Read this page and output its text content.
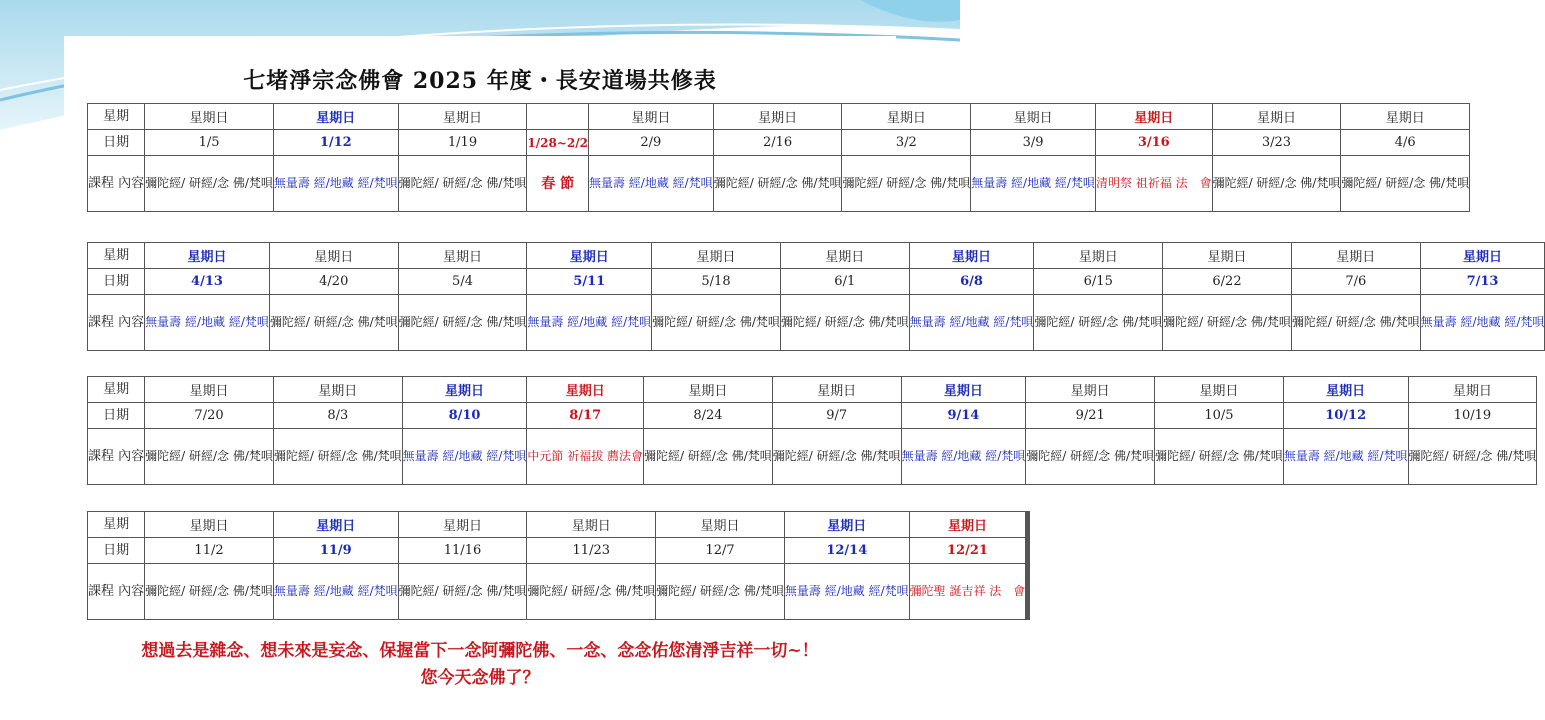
七堵淨宗念佛會 2025 年度・長安道場共修表
星期	星期日	星期日	星期日		星期日	星期日	星期日	星期日	星期日	星期日	星期日
日期	1/5	1/12	1/19	1/28~2/2	2/9	2/16	3/2	3/9	3/16	3/23	4/6
課程 內容	彌陀經/ 研經/念 佛/梵唄	無量壽 經/地藏 經/梵唄	彌陀經/ 研經/念 佛/梵唄	春 節	無量壽 經/地藏 經/梵唄	彌陀經/ 研經/念 佛/梵唄	彌陀經/ 研經/念 佛/梵唄	無量壽 經/地藏 經/梵唄	清明祭 祖祈福 法　會	彌陀經/ 研經/念 佛/梵唄	彌陀經/ 研經/念 佛/梵唄
星期	星期日	星期日	星期日	星期日	星期日	星期日	星期日	星期日	星期日	星期日	星期日
日期	4/13	4/20	5/4	5/11	5/18	6/1	6/8	6/15	6/22	7/6	7/13
課程 內容	無量壽 經/地藏 經/梵唄	彌陀經/ 研經/念 佛/梵唄	彌陀經/ 研經/念 佛/梵唄	無量壽 經/地藏 經/梵唄	彌陀經/ 研經/念 佛/梵唄	彌陀經/ 研經/念 佛/梵唄	無量壽 經/地藏 經/梵唄	彌陀經/ 研經/念 佛/梵唄	彌陀經/ 研經/念 佛/梵唄	彌陀經/ 研經/念 佛/梵唄	無量壽 經/地藏 經/梵唄
星期	星期日	星期日	星期日	星期日	星期日	星期日	星期日	星期日	星期日	星期日	星期日
日期	7/20	8/3	8/10	8/17	8/24	9/7	9/14	9/21	10/5	10/12	10/19
課程 內容	彌陀經/ 研經/念 佛/梵唄	彌陀經/ 研經/念 佛/梵唄	無量壽 經/地藏 經/梵唄	中元節 祈福拔 薦法會	彌陀經/ 研經/念 佛/梵唄	彌陀經/ 研經/念 佛/梵唄	無量壽 經/地藏 經/梵唄	彌陀經/ 研經/念 佛/梵唄	彌陀經/ 研經/念 佛/梵唄	無量壽 經/地藏 經/梵唄	彌陀經/ 研經/念 佛/梵唄
星期	星期日	星期日	星期日	星期日	星期日	星期日	星期日				
日期	11/2	11/9	11/16	11/23	12/7	12/14	12/21				
課程 內容	彌陀經/ 研經/念 佛/梵唄	無量壽 經/地藏 經/梵唄	彌陀經/ 研經/念 佛/梵唄	彌陀經/ 研經/念 佛/梵唄	彌陀經/ 研經/念 佛/梵唄	無量壽 經/地藏 經/梵唄	彌陀聖 誕吉祥 法　會				
想過去是雜念、想未來是妄念、保握當下一念阿彌陀佛、一念、念念佑您清淨吉祥一切~！
您今天念佛了？
